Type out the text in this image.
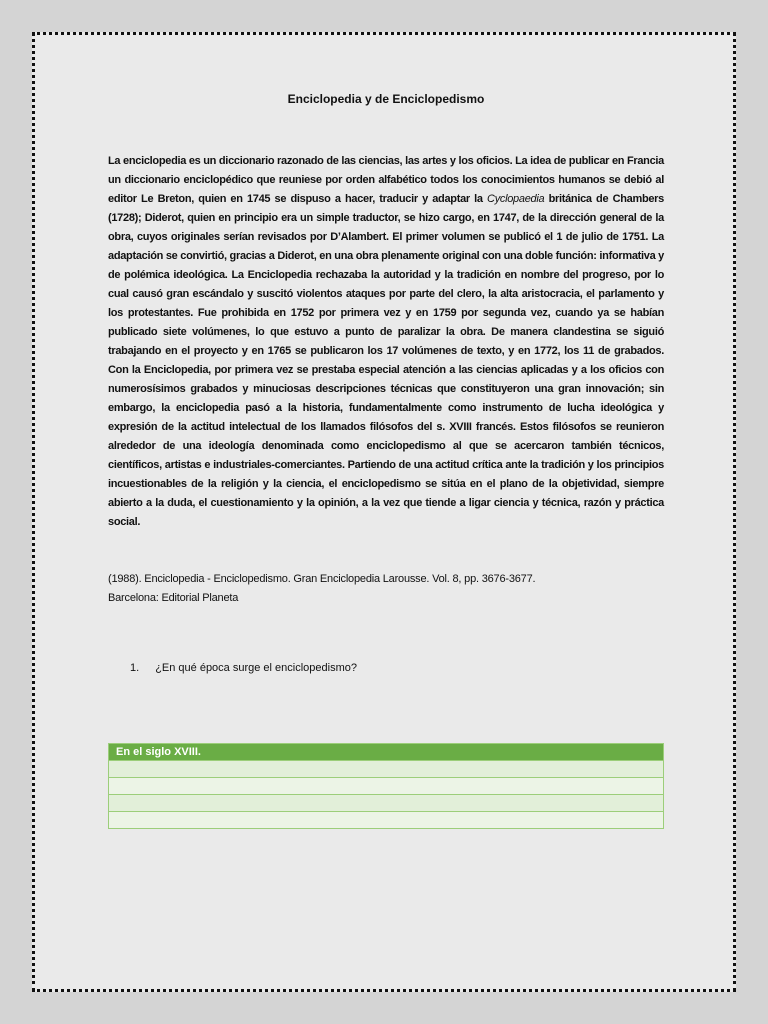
Enciclopedia y de Enciclopedismo

La enciclopedia es un diccionario razonado de las ciencias, las artes y los oficios. La idea de publicar en Francia un diccionario enciclopédico que reuniese por orden alfabético todos los conocimientos humanos se debió al editor Le Breton, quien en 1745 se dispuso a hacer, traducir y adaptar la Cyclopaedia británica de Chambers (1728); Diderot, quien en principio era un simple traductor, se hizo cargo, en 1747, de la dirección general de la obra, cuyos originales serían revisados por D’Alambert. El primer volumen se publicó el 1 de julio de 1751. La adaptación se convirtió, gracias a Diderot, en una obra plenamente original con una doble función: informativa y de polémica ideológica. La Enciclopedia rechazaba la autoridad y la tradición en nombre del progreso, por lo cual causó gran escándalo y suscitó violentos ataques por parte del clero, la alta aristocracia, el parlamento y los protestantes. Fue prohibida en 1752 por primera vez y en 1759 por segunda vez, cuando ya se habían publicado siete volúmenes, lo que estuvo a punto de paralizar la obra. De manera clandestina se siguió trabajando en el proyecto y en 1765 se publicaron los 17 volúmenes de texto, y en 1772, los 11 de grabados. Con la Enciclopedia, por primera vez se prestaba especial atención a las ciencias aplicadas y a los oficios con numerosísimos grabados y minuciosas descripciones técnicas que constituyeron una gran innovación; sin embargo, la enciclopedia pasó a la historia, fundamentalmente como instrumento de lucha ideológica y expresión de la actitud intelectual de los llamados filósofos del s. XVIII francés. Estos filósofos se reunieron alrededor de una ideología denominada como enciclopedismo al que se acercaron también técnicos, científicos, artistas e industriales-comerciantes. Partiendo de una actitud crítica ante la tradición y los principios incuestionables de la religión y la ciencia, el enciclopedismo se sitúa en el plano de la objetividad, siempre abierto a la duda, el cuestionamiento y la opinión, a la vez que tiende a ligar ciencia y técnica, razón y práctica social.

(1988). Enciclopedia - Enciclopedismo. Gran Enciclopedia Larousse. Vol. 8, pp. 3676-3677.
Barcelona: Editorial Planeta

1. ¿En qué época surge el enciclopedismo?
En el siglo XVIII.
